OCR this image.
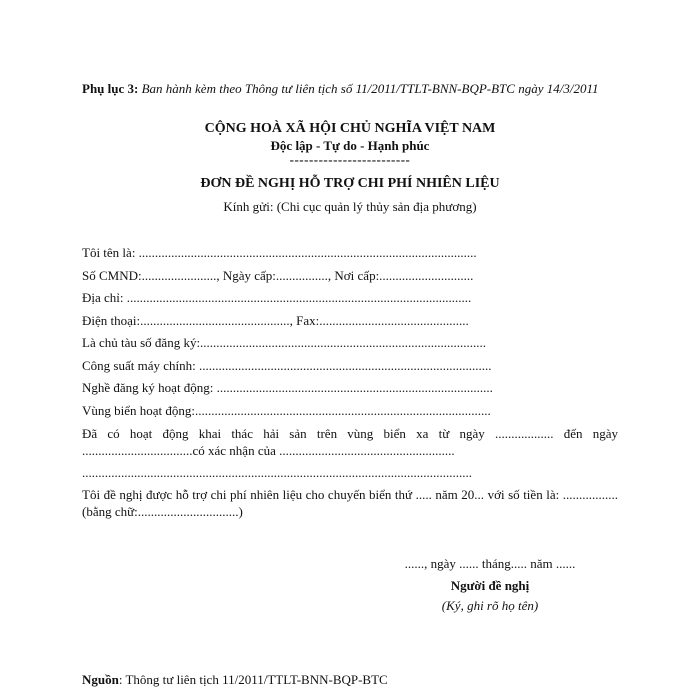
Phụ lục 3: Ban hành kèm theo Thông tư liên tịch số 11/2011/TTLT-BNN-BQP-BTC ngày 14/3/2011
CỘNG HOÀ XÃ HỘI CHỦ NGHĨA VIỆT NAM
Độc lập - Tự do - Hạnh phúc
-------------------------
ĐƠN ĐỀ NGHỊ HỖ TRỢ CHI PHÍ NHIÊN LIỆU
Kính gửi: (Chi cục quản lý thủy sản địa phương)
Tôi tên là: ........................................................................................................
Số CMND:......................., Ngày cấp:................, Nơi cấp:.............................
Địa chỉ: ..........................................................................................................
Điện thoại:.............................................., Fax:..............................................
Là chủ tàu số đăng ký:........................................................................................
Công suất máy chính: ..........................................................................................
Nghề đăng ký hoạt động: .....................................................................................
Vùng biển hoạt động:...........................................................................................
Đã có hoạt động khai thác hải sản trên vùng biển xa từ ngày .................. đến ngày ..................................có xác nhận của ......................................................
........................................................................................................................
Tôi đề nghị được hỗ trợ chi phí nhiên liệu cho chuyến biển thứ ..... năm 20... với số tiền là: ................. (bằng chữ:...............................)
......, ngày ...... tháng..... năm ......
Người đề nghị
(Ký, ghi rõ họ tên)
Nguồn: Thông tư liên tịch 11/2011/TTLT-BNN-BQP-BTC
